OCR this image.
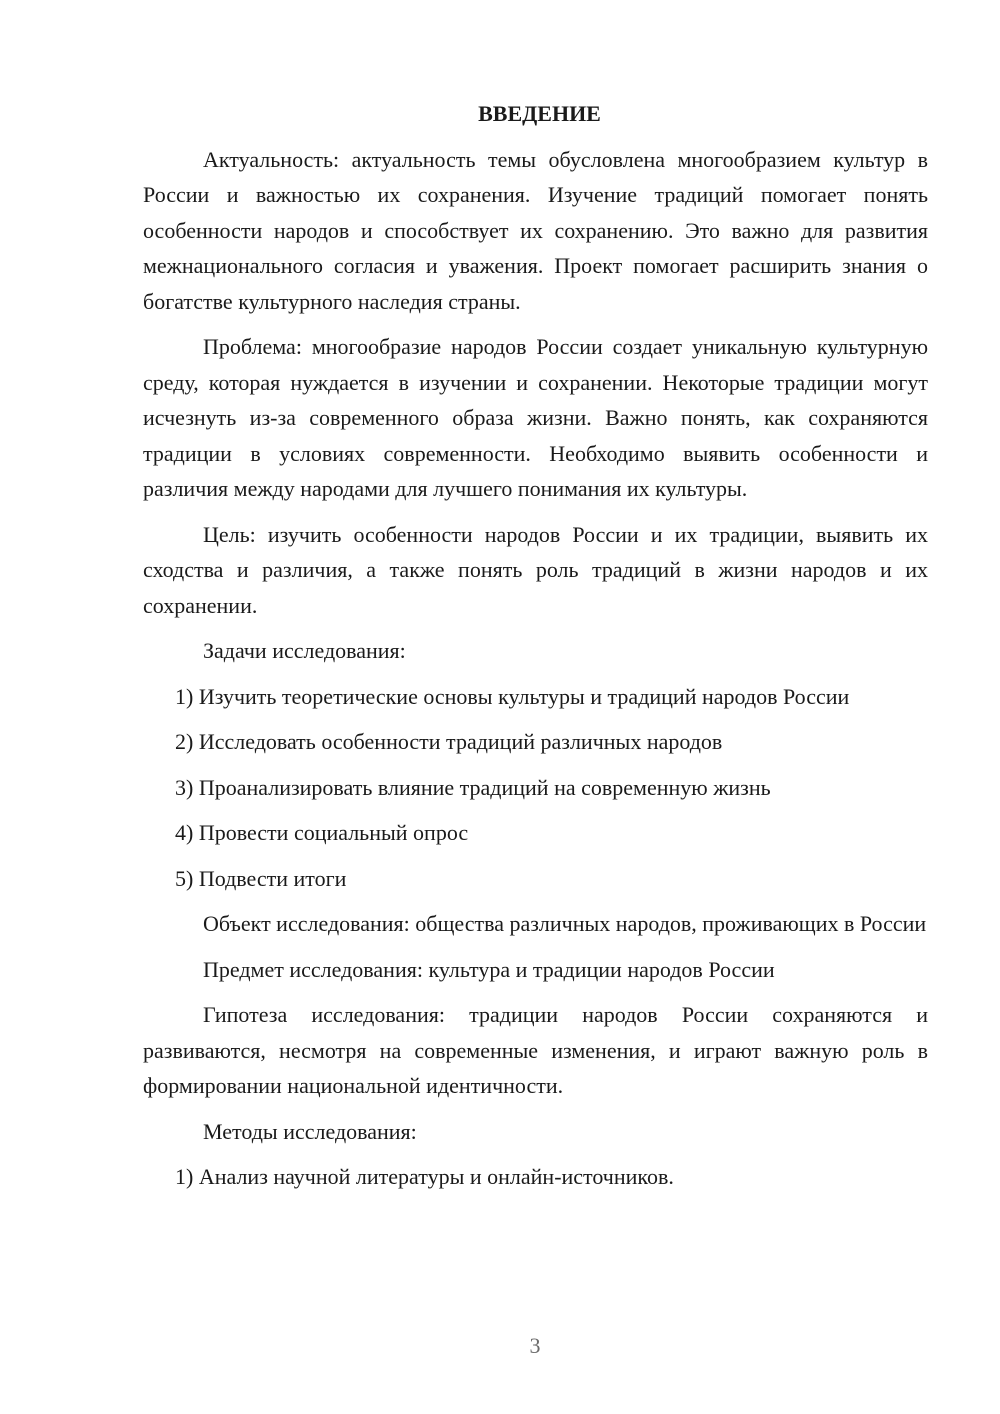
ВВЕДЕНИЕ
Актуальность: актуальность темы обусловлена многообразием культур в России и важностью их сохранения. Изучение традиций помогает понять особенности народов и способствует их сохранению. Это важно для развития межнационального согласия и уважения. Проект помогает расширить знания о богатстве культурного наследия страны.
Проблема: многообразие народов России создает уникальную культурную среду, которая нуждается в изучении и сохранении. Некоторые традиции могут исчезнуть из-за современного образа жизни. Важно понять, как сохраняются традиции в условиях современности. Необходимо выявить особенности и различия между народами для лучшего понимания их культуры.
Цель: изучить особенности народов России и их традиции, выявить их сходства и различия, а также понять роль традиций в жизни народов и их сохранении.
Задачи исследования:
1) Изучить теоретические основы культуры и традиций народов России
2) Исследовать особенности традиций различных народов
3) Проанализировать влияние традиций на современную жизнь
4) Провести социальный опрос
5) Подвести итоги
Объект исследования: общества различных народов, проживающих в России
Предмет исследования: культура и традиции народов России
Гипотеза исследования: традиции народов России сохраняются и развиваются, несмотря на современные изменения, и играют важную роль в формировании национальной идентичности.
Методы исследования:
1) Анализ научной литературы и онлайн-источников.
3
